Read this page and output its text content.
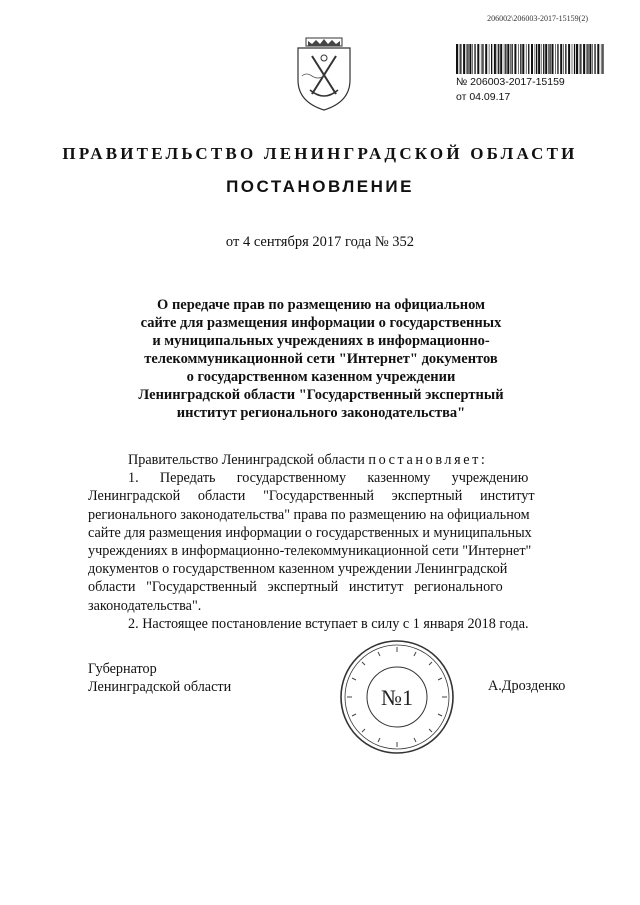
206002\206003-2017-15159(2)
№ 206003-2017-15159
от 04.09.17
ПРАВИТЕЛЬСТВО ЛЕНИНГРАДСКОЙ ОБЛАСТИ
ПОСТАНОВЛЕНИЕ
от 4 сентября 2017 года № 352
О передаче прав по размещению на официальном
сайте для размещения информации о государственных
и муниципальных учреждениях в информационно-
телекоммуникационной сети "Интернет" документов
о государственном казенном учреждении
Ленинградской области "Государственный экспертный
институт регионального законодательства"
Правительство Ленинградской области постановляет:
1.      Передать      государственному      казенному      учреждению
Ленинградской     области     "Государственный     экспертный     институт
регионального законодательства" права по размещению на официальном
сайте для размещения информации о государственных и муниципальных
учреждениях в информационно-телекоммуникационной сети "Интернет"
документов о государственном казенном учреждении Ленинградской
области   "Государственный   экспертный   институт   регионального
законодательства".
2. Настоящее постановление вступает в силу с 1 января 2018 года.
Губернатор
Ленинградской области	№1	А.Дрозденко
